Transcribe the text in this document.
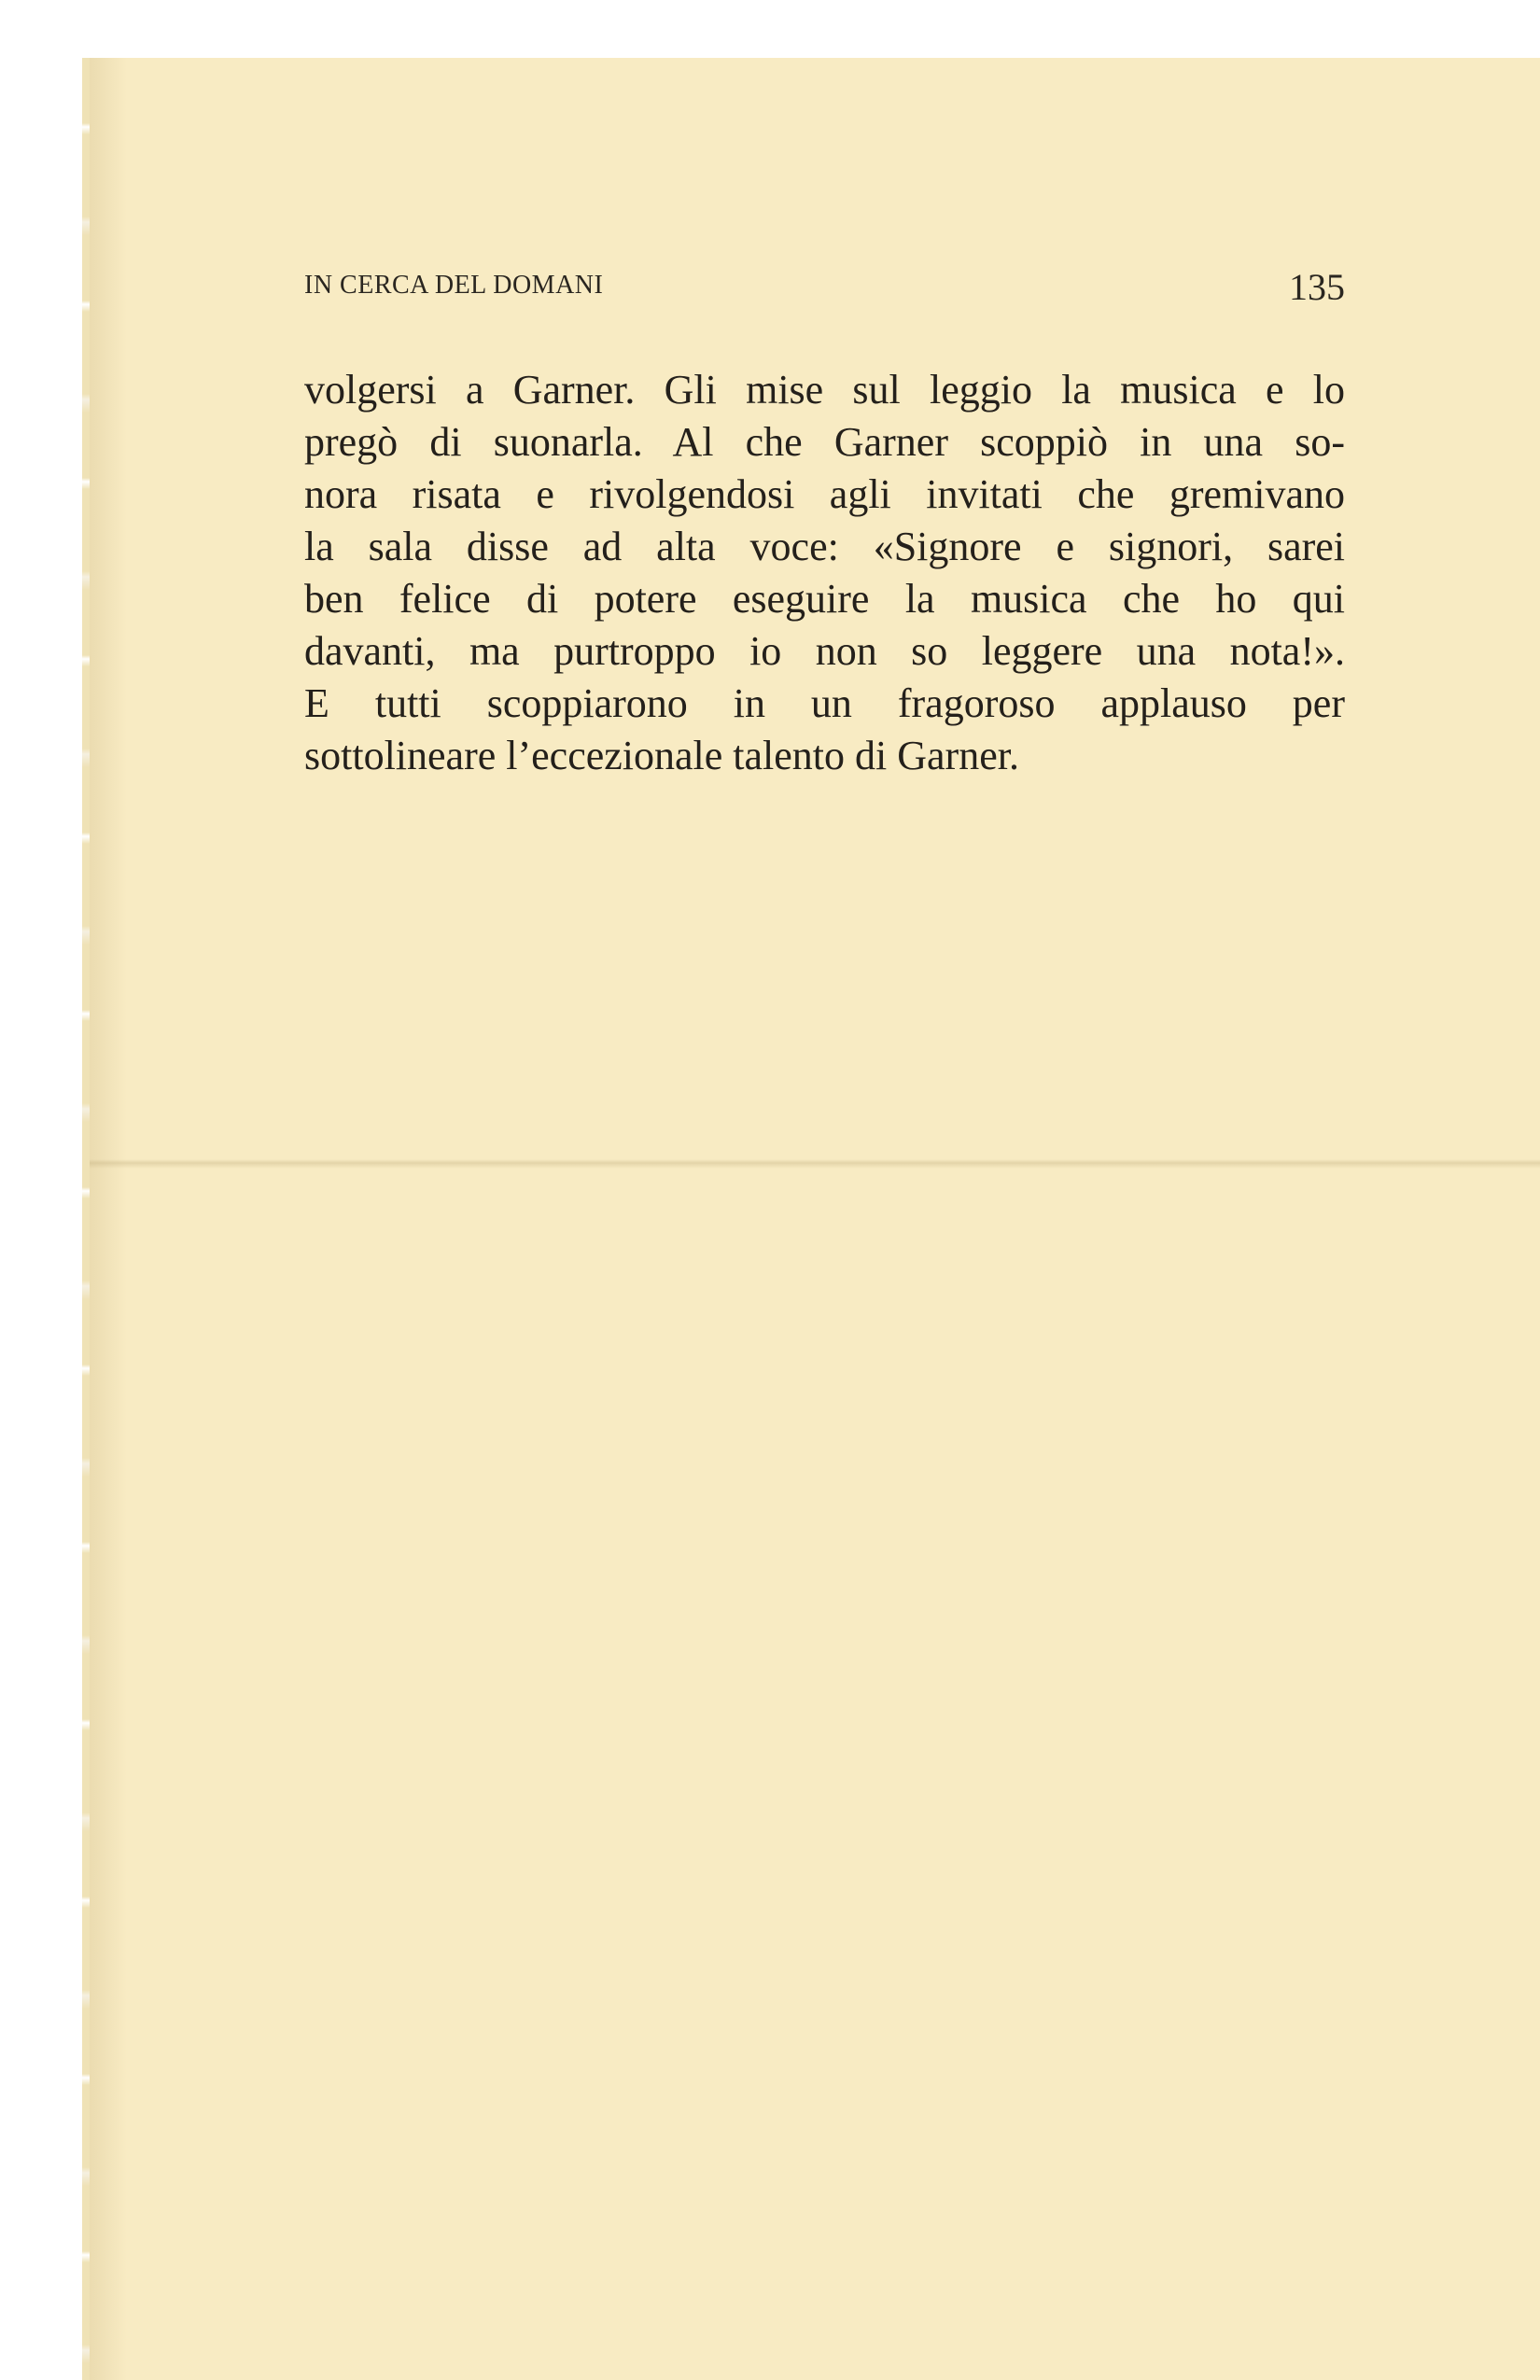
IN CERCA DEL DOMANI	135
volgersi a Garner. Gli mise sul leggio la musica e lo
pregò di suonarla. Al che Garner scoppiò in una so-
nora risata e rivolgendosi agli invitati che gremivano
la sala disse ad alta voce: «Signore e signori, sarei
ben felice di potere eseguire la musica che ho qui
davanti, ma purtroppo io non so leggere una nota!».
E tutti scoppiarono in un fragoroso applauso per
sottolineare l’eccezionale talento di Garner.
